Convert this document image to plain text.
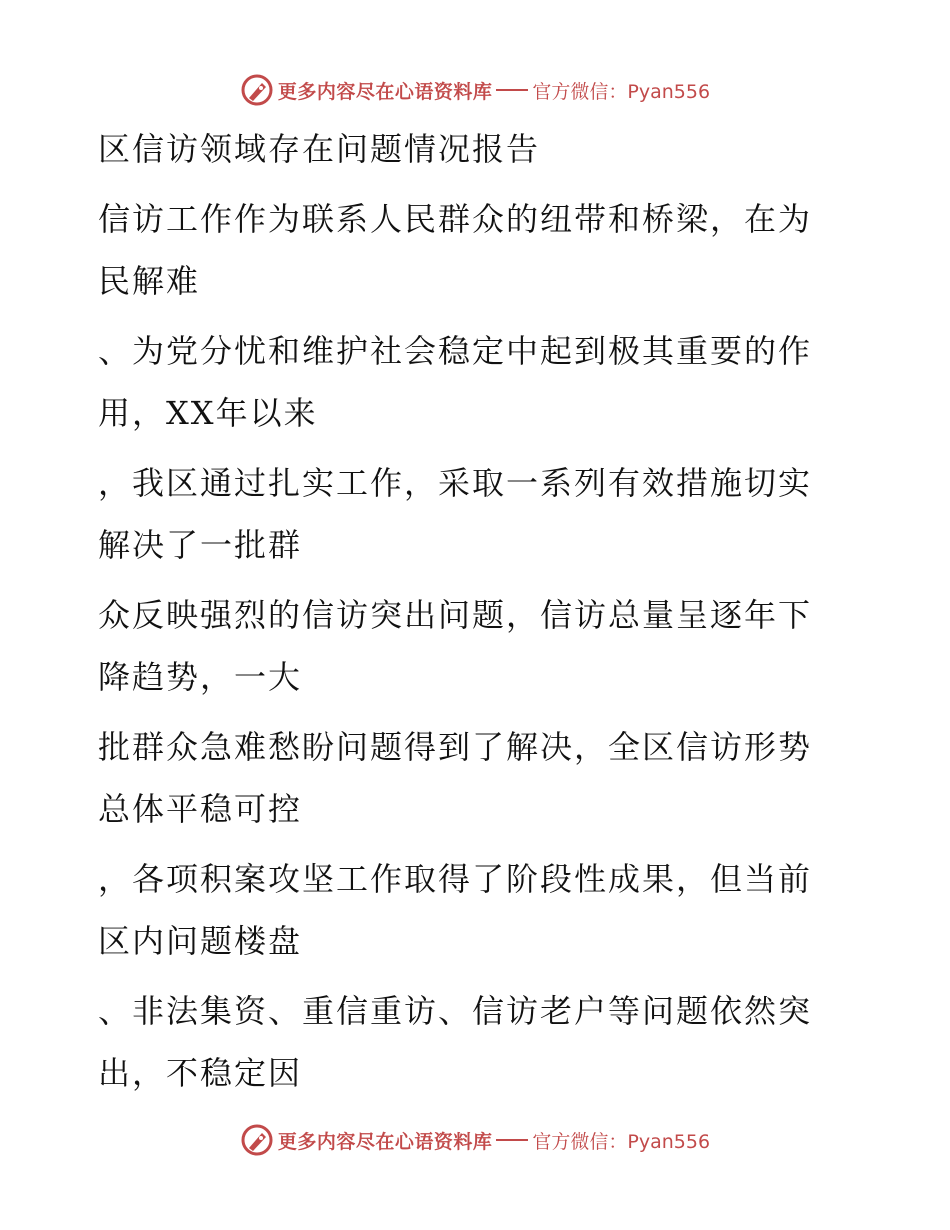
更多内容尽在心语资料库 官方微信：Pyan556
区信访领域存在问题情况报告
信访工作作为联系人民群众的纽带和桥梁，在为
民解难
、为党分忧和维护社会稳定中起到极其重要的作
用，XX年以来
，我区通过扎实工作，采取一系列有效措施切实
解决了一批群
众反映强烈的信访突出问题，信访总量呈逐年下
降趋势，一大
批群众急难愁盼问题得到了解决，全区信访形势
总体平稳可控
，各项积案攻坚工作取得了阶段性成果，但当前
区内问题楼盘
、非法集资、重信重访、信访老户等问题依然突
出，不稳定因
更多内容尽在心语资料库 官方微信：Pyan556
